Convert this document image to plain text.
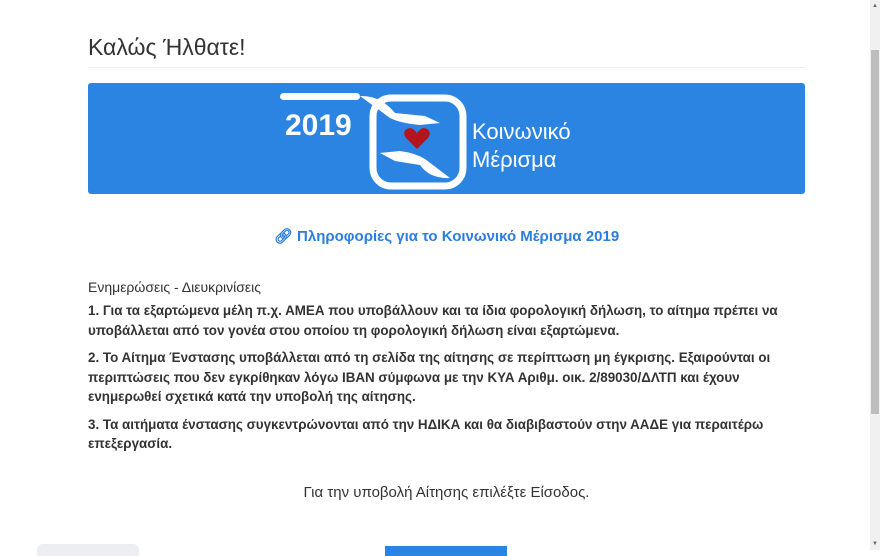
Καλώς Ήλθατε!
2019	Κοινωνικό
Μέρισμα
🔗︎ Πληροφορίες για το Κοινωνικό Μέρισμα 2019
Ενημερώσεις - Διευκρινίσεις

1. Για τα εξαρτώμενα μέλη π.χ. ΑΜΕΑ που υποβάλλουν και τα ίδια φορολογική δήλωση, το αίτημα πρέπει να υποβάλλεται από τον γονέα στου οποίου τη φορολογική δήλωση είναι εξαρτώμενα.

2. Το Αίτημα Ένστασης υποβάλλεται από τη σελίδα της αίτησης σε περίπτωση μη έγκρισης. Εξαιρούνται οι περιπτώσεις που δεν εγκρίθηκαν λόγω IBAN σύμφωνα με την ΚΥΑ Αριθμ. οικ. 2/89030/ΔΛΤΠ και έχουν ενημερωθεί σχετικά κατά την υποβολή της αίτησης.

3. Τα αιτήματα ένστασης συγκεντρώνονται από την ΗΔΙΚΑ και θα διαβιβαστούν στην ΑΑΔΕ για περαιτέρω επεξεργασία.

Για την υποβολή Αίτησης επιλέξτε Είσοδος.
▲
▼
